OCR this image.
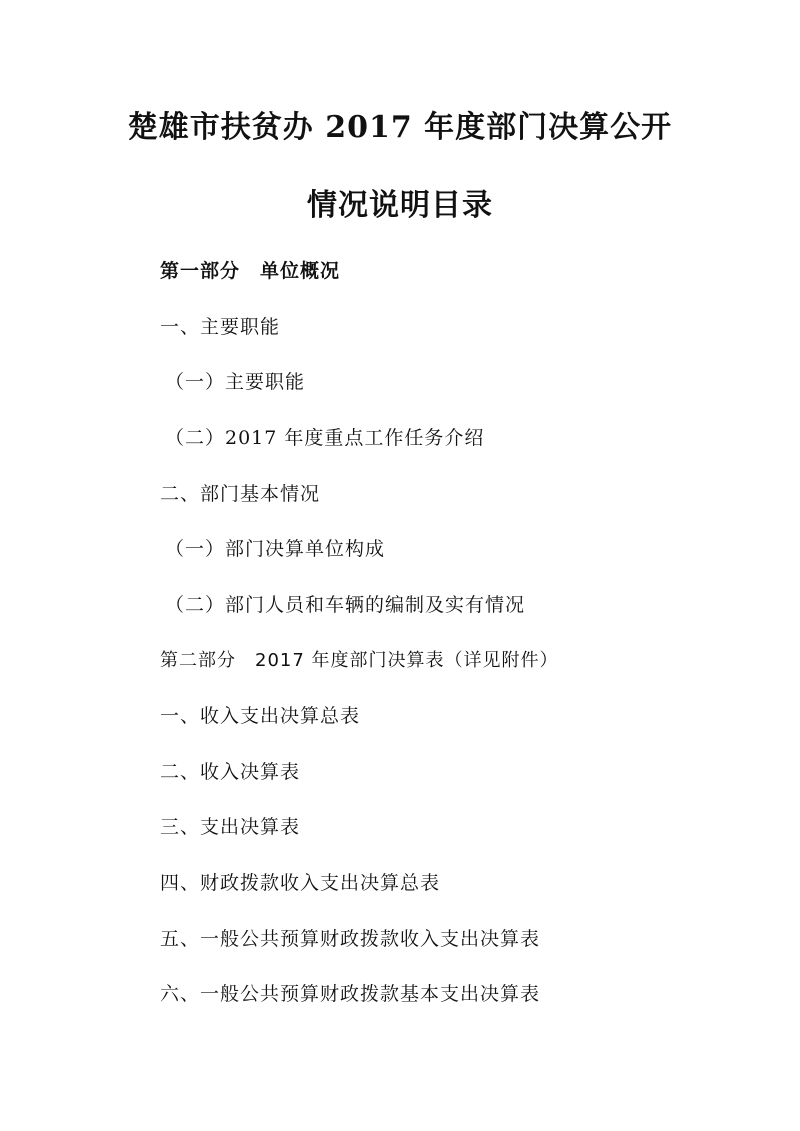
楚雄市扶贫办 2017 年度部门决算公开
情况说明目录
第一部分　单位概况
一、主要职能
（一）主要职能
（二）2017 年度重点工作任务介绍
二、部门基本情况
（一）部门决算单位构成
（二）部门人员和车辆的编制及实有情况
第二部分　2017 年度部门决算表（详见附件）
一、收入支出决算总表
二、收入决算表
三、支出决算表
四、财政拨款收入支出决算总表
五、一般公共预算财政拨款收入支出决算表
六、一般公共预算财政拨款基本支出决算表
